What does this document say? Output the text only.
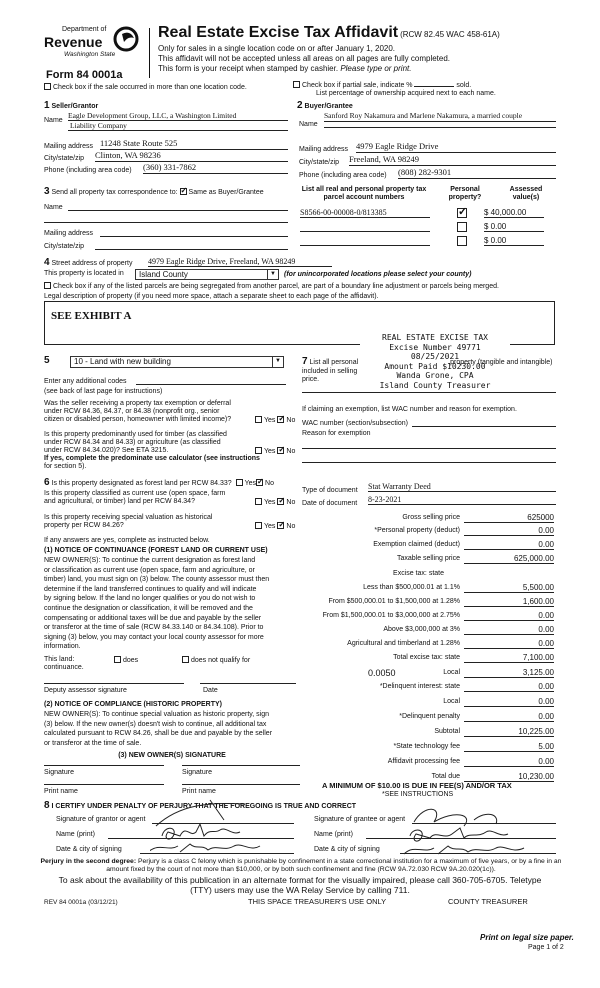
Department of
Revenue
Washington State
Form 84 0001a
Real Estate Excise Tax Affidavit (RCW 82.45 WAC 458-61A)
Only for sales in a single location code on or after January 1, 2020.
This affidavit will not be accepted unless all areas on all pages are fully completed.
This form is your receipt when stamped by cashier. Please type or print.
Check box if the sale occurred in more than one location code.	Check box if partial sale, indicate %	sold.
List percentage of ownership acquired next to each name.
1 Seller/Grantor
Name
Eagle Development Group, LLC, a Washington Limited
Liability Company
Mailing address 11248 State Route 525
City/state/zip Clinton, WA 98236
Phone (including area code) (360) 331-7862
2 Buyer/Grantee
Name
Sanford Roy Nakamura and Marlene Nakamura, a married couple
Mailing address 4979 Eagle Ridge Drive
City/state/zip Freeland, WA 98249
Phone (including area code) (808) 282-9301
3 Send all property tax correspondence to: ✓ Same as Buyer/Grantee
Name
Mailing address
City/state/zip
List all real and personal property tax
parcel account numbers
Personal
property?
Assessed
value(s)
S8566-00-00008-0/813385 ✓	$ 40,000.00
$ 0.00
$ 0.00
4 Street address of property 4979 Eagle Ridge Drive, Freeland, WA 98249
This property is located in	Island County	▼ (for unincorporated locations please select your county)
Check box if any of the listed parcels are being segregated from another parcel, are part of a boundary line adjustment or parcels being merged.
Legal description of property (if you need more space, attach a separate sheet to each page of the affidavit).
SEE EXHIBIT A
REAL ESTATE EXCISE TAX
Excise Number 49771
08/25/2021
Amount Paid $10230.00
Wanda Grone, CPA
Island County Treasurer
5	10 - Land with new building	▼
Enter any additional codes
(see back of last page for instructions)
Was the seller receiving a property tax exemption or deferral
under RCW 84.36, 84.37, or 84.38 (nonprofit org., senior
citizen or disabled person, homeowner with limited income)?	Yes ✓ No
Is this property predominantly used for timber (as classified
under RCW 84.34 and 84.33) or agriculture (as classified
under RCW 84.34.020)? See ETA 3215.	Yes ✓ No
If yes, complete the predominate use calculator (see instructions
for section 5).
7 List all personal	property (tangible and intangible) included in selling
price.
If claiming an exemption, list WAC number and reason for exemption.
WAC number (section/subsection)
Reason for exemption
Type of document Stat Warranty Deed
Date of document 8-23-2021
6 Is this property designated as forest land per RCW 84.33? Yes ✓ No
Is this property classified as current use (open space, farm
and agricultural, or timber) land per RCW 84.34?	Yes ✓ No
Is this property receiving special valuation as historical
property per RCW 84.26?	Yes ✓ No
If any answers are yes, complete as instructed below.
(1) NOTICE OF CONTINUANCE (FOREST LAND OR CURRENT USE)
NEW OWNER(S): To continue the current designation as forest land
or classification as current use (open space, farm and agriculture, or
timber) land, you must sign on (3) below. The county assessor must then
determine if the land transferred continues to qualify and will indicate
by signing below. If the land no longer qualifies or you do not wish to
continue the designation or classification, it will be removed and the
compensating or additional taxes will be due and payable by the seller
or transferor at the time of sale (RCW 84.33.140 or 84.34.108). Prior to
signing (3) below, you may contact your local county assessor for more
information.
This land:
continuance.
does	does not qualify for
Deputy assessor signature	Date
(2) NOTICE OF COMPLIANCE (HISTORIC PROPERTY)
NEW OWNER(S): To continue special valuation as historic property, sign
(3) below. If the new owner(s) doesn't wish to continue, all additional tax
calculated pursuant to RCW 84.26, shall be due and payable by the seller
or transferor at the time of sale.
(3) NEW OWNER(S) SIGNATURE
Signature	Signature
Print name	Print name
Gross selling price	625000
*Personal property (deduct)	0.00
Exemption claimed (deduct)	0.00
Taxable selling price	625,000.00
Excise tax: state
Less than $500,000.01 at 1.1%	5,500.00
From $500,000.01 to $1,500,000 at 1.28%	1,600.00
From $1,500,000.01 to $3,000,000 at 2.75%	0.00
Above $3,000,000 at 3%	0.00
Agricultural and timberland at 1.28%	0.00
Total excise tax: state	7,100.00
0.0050	Local	3,125.00
*Delinquent interest: state	0.00
Local	0.00
*Delinquent penalty	0.00
Subtotal	10,225.00
*State technology fee	5.00
Affidavit processing fee	0.00
Total due	10,230.00
A MINIMUM OF $10.00 IS DUE IN FEE(S) AND/OR TAX
*SEE INSTRUCTIONS
8 I CERTIFY UNDER PENALTY OF PERJURY THAT THE FOREGOING IS TRUE AND CORRECT
Signature of grantor or agent
Name (print)
Date & city of signing
Signature of grantee or agent
Name (print)
Date & city of signing
Perjury in the second degree: Perjury is a class C felony which is punishable by confinement in a state correctional institution for a maximum of five years, or by a fine in an amount fixed by the court of not more than $10,000, or by both such confinement and fine (RCW 9A.72.030 RCW 9A.20.020(1c)).
To ask about the availability of this publication in an alternate format for the visually impaired, please call 360-705-6705. Teletype (TTY) users may use the WA Relay Service by calling 711.
REV 84 0001a (03/12/21)	THIS SPACE TREASURER'S USE ONLY	COUNTY TREASURER
Print on legal size paper.
Page 1 of 2
